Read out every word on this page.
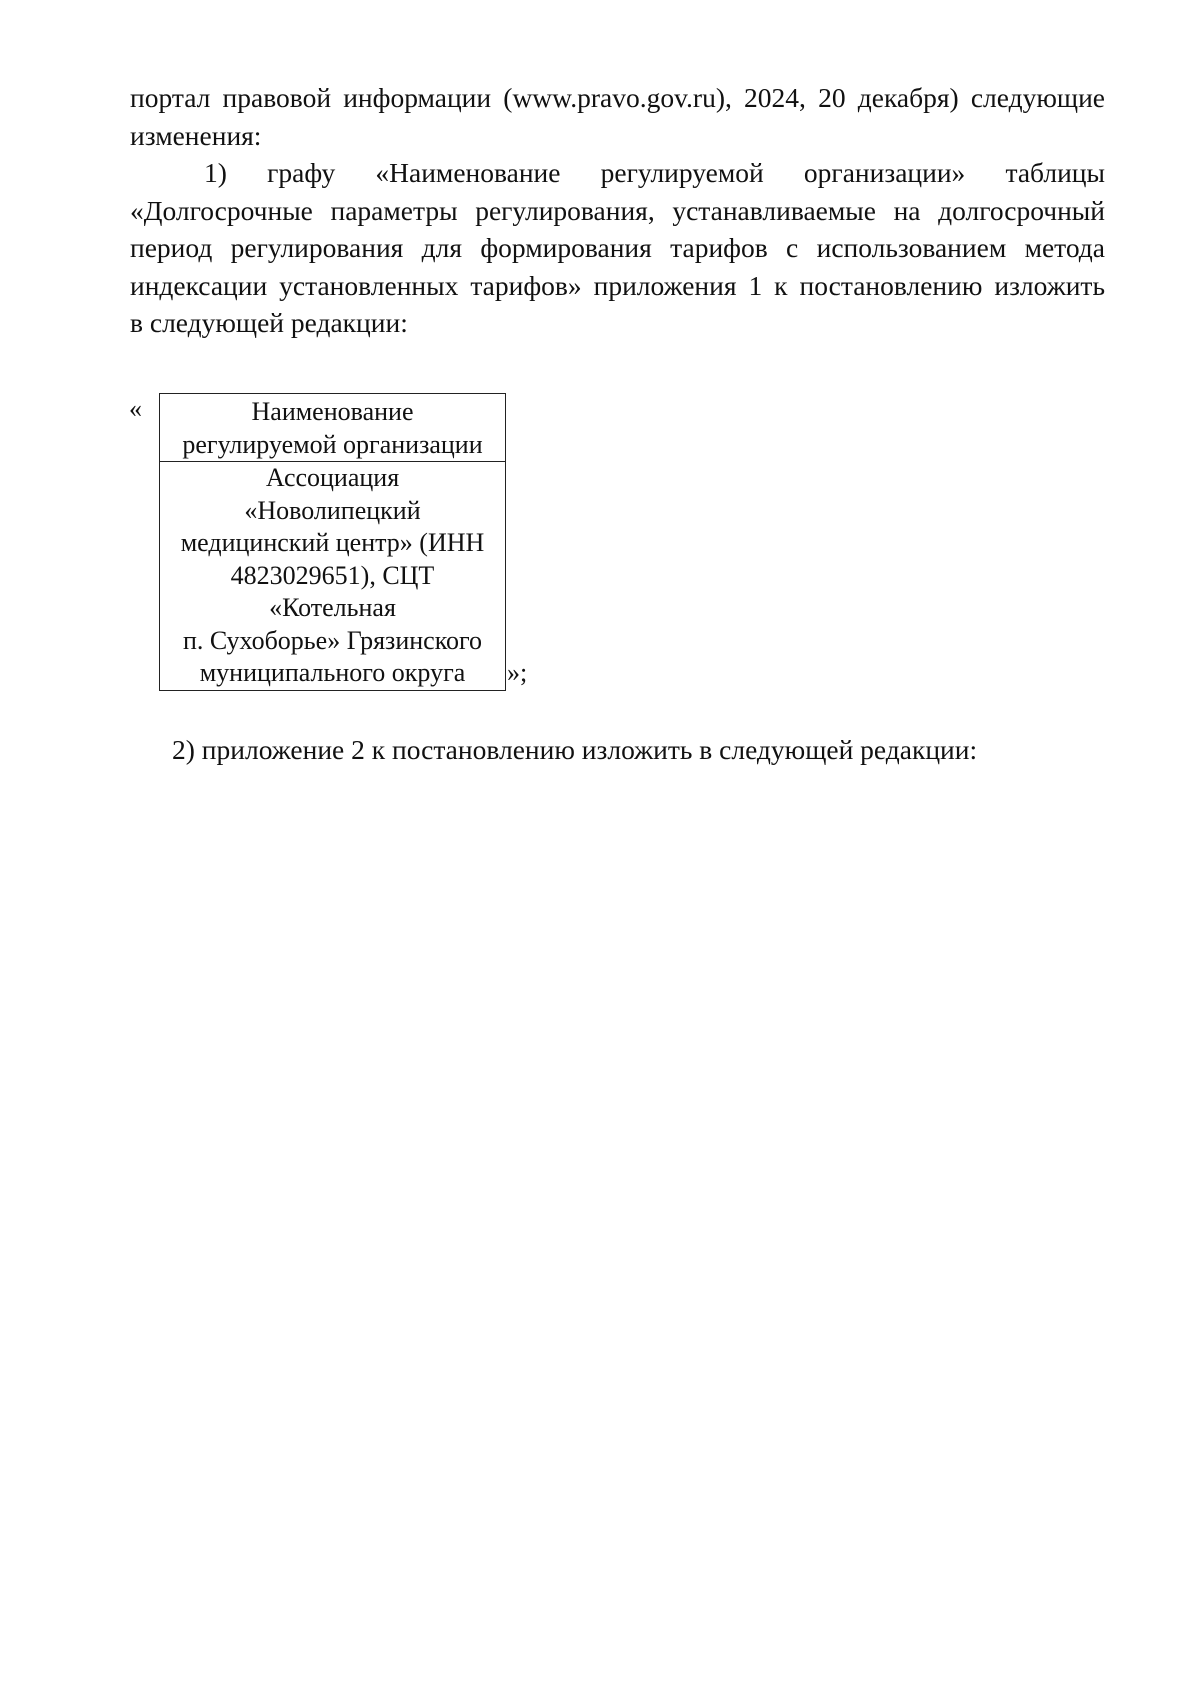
портал правовой информации (www.pravo.gov.ru), 2024, 20 декабря) следующие изменения:
1) графу «Наименование регулируемой организации» таблицы
«Долгосрочные параметры регулирования, устанавливаемые на долгосрочный
период регулирования для формирования тарифов с использованием метода
индексации установленных тарифов» приложения 1 к постановлению изложить
в следующей редакции:
«	Наименование
регулируемой организации
Ассоциация
«Новолипецкий
медицинский центр» (ИНН
4823029651), СЦТ
«Котельная
п. Сухоборье» Грязинского
муниципального округа	»;
2) приложение 2 к постановлению изложить в следующей редакции:
